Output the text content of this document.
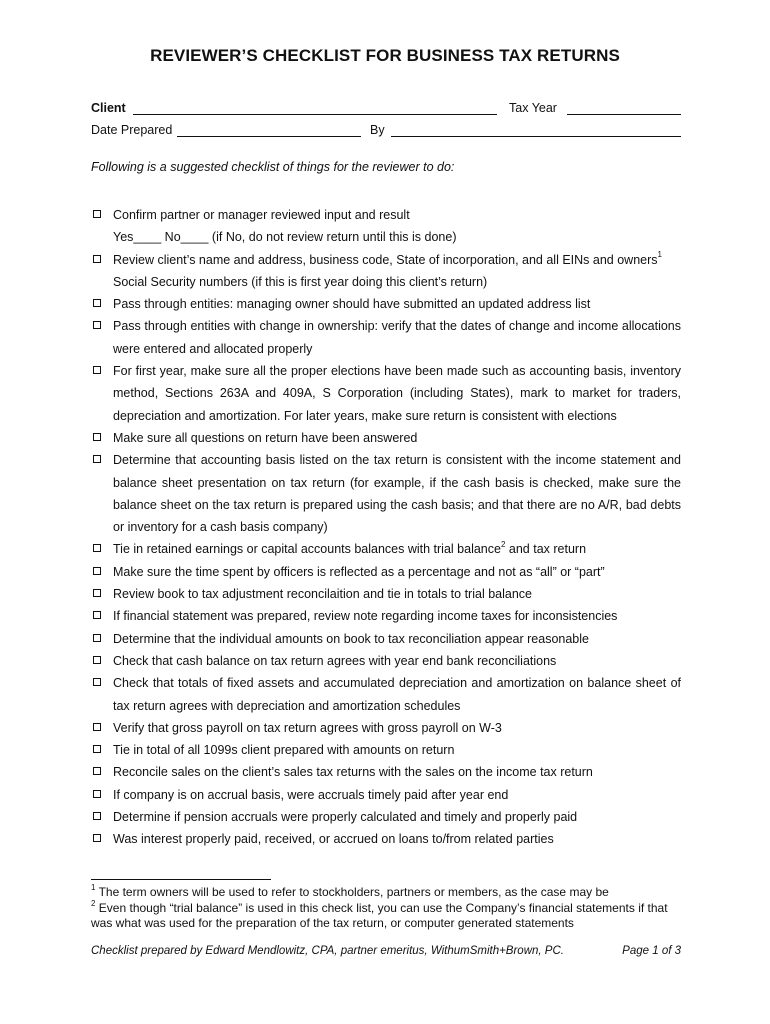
REVIEWER’S CHECKLIST FOR BUSINESS TAX RETURNS
Client	Tax Year
Date Prepared	By
Following is a suggested checklist of things for the reviewer to do:
Confirm partner or manager reviewed input and result
Yes____ No____ (if No, do not review return until this is done)
Review client’s name and address, business code, State of incorporation, and all EINs and owners$^1$
Social Security numbers (if this is first year doing this client’s return)
Pass through entities: managing owner should have submitted an updated address list
Pass through entities with change in ownership: verify that the dates of change and income allocations were entered and allocated properly
For first year, make sure all the proper elections have been made such as accounting basis, inventory method, Sections 263A and 409A, S Corporation (including States), mark to market for traders, depreciation and amortization. For later years, make sure return is consistent with elections
Make sure all questions on return have been answered
Determine that accounting basis listed on the tax return is consistent with the income statement and balance sheet presentation on tax return (for example, if the cash basis is checked, make sure the balance sheet on the tax return is prepared using the cash basis; and that there are no A/R, bad debts or inventory for a cash basis company)
Tie in retained earnings or capital accounts balances with trial balance$^2$ and tax return
Make sure the time spent by officers is reflected as a percentage and not as “all” or “part”
Review book to tax adjustment reconcilaition and tie in totals to trial balance
If financial statement was prepared, review note regarding income taxes for inconsistencies
Determine that the individual amounts on book to tax reconciliation appear reasonable
Check that cash balance on tax return agrees with year end bank reconciliations
Check that totals of fixed assets and accumulated depreciation and amortization on balance sheet of tax return agrees with depreciation and amortization schedules
Verify that gross payroll on tax return agrees with gross payroll on W-3
Tie in total of all 1099s client prepared with amounts on return
Reconcile sales on the client’s sales tax returns with the sales on the income tax return
If company is on accrual basis, were accruals timely paid after year end
Determine if pension accruals were properly calculated and timely and properly paid
Was interest properly paid, received, or accrued on loans to/from related parties
$^1$ The term owners will be used to refer to stockholders, partners or members, as the case may be
$^2$ Even though “trial balance” is used in this check list, you can use the Company’s financial statements if that was what was used for the preparation of the tax return, or computer generated statements
Checklist prepared by Edward Mendlowitz, CPA, partner emeritus, WithumSmith+Brown, PC.	Page 1 of 3
